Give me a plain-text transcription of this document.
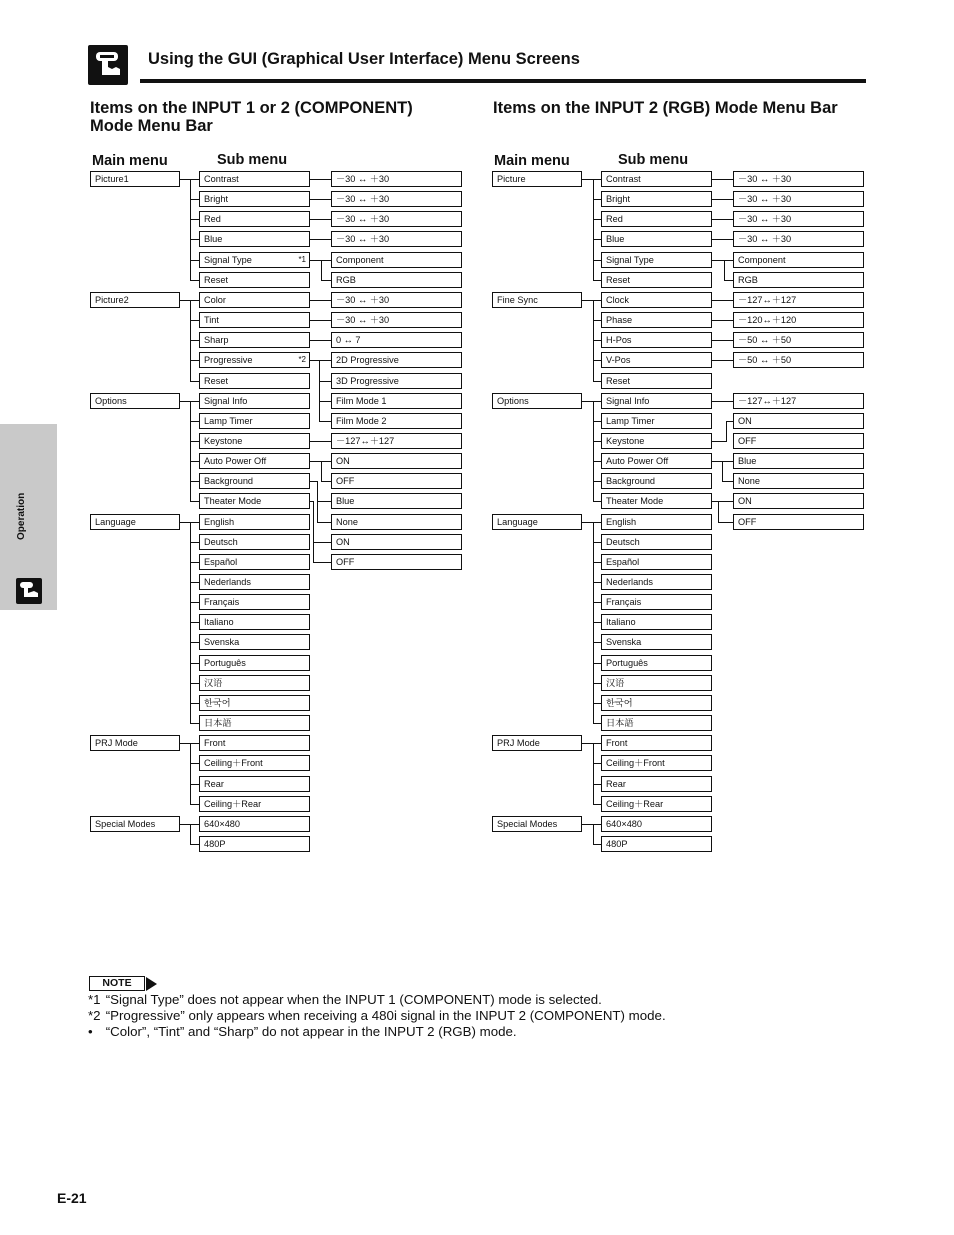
Using the GUI (Graphical User Interface) Menu Screens
Items on the INPUT 1 or 2 (COMPONENT)
Mode Menu Bar
Main menu	Sub menu
Items on the INPUT 2 (RGB) Mode Menu Bar
Main menu	Sub menu
Picture1
Picture2
Options
Language
PRJ Mode
Special Modes
Contrast
Bright
Red
Blue
Signal Type	*1
Reset
Color
Tint
Sharp
Progressive	*2
Reset
Signal Info
Lamp Timer
Keystone
Auto Power Off
Background
Theater Mode
English
Deutsch
Español
Nederlands
Français
Italiano
Svenska
Português
汉语
한국어
日本語
Front
Ceiling＋Front
Rear
Ceiling＋Rear
640×480
480P
－30 ↔ ＋30
－30 ↔ ＋30
－30 ↔ ＋30
－30 ↔ ＋30
Component
RGB
－30 ↔ ＋30
－30 ↔ ＋30
0 ↔ 7
2D Progressive
3D Progressive
Film Mode 1
Film Mode 2
－127↔＋127
ON
OFF
Blue
None
ON
OFF
Picture
Fine Sync
Options
Language
PRJ Mode
Special Modes
Contrast
Bright
Red
Blue
Signal Type
Reset
Clock
Phase
H-Pos
V-Pos
Reset
Signal Info
Lamp Timer
Keystone
Auto Power Off
Background
Theater Mode
English
Deutsch
Español
Nederlands
Français
Italiano
Svenska
Português
汉语
한국어
日本語
Front
Ceiling＋Front
Rear
Ceiling＋Rear
640×480
480P
－30 ↔ ＋30
－30 ↔ ＋30
－30 ↔ ＋30
－30 ↔ ＋30
Component
RGB
－127↔＋127
－120↔＋120
－50 ↔ ＋50
－50 ↔ ＋50
－127↔＋127
ON
OFF
Blue
None
ON
OFF
Operation
NOTE
*1 “Signal Type” does not appear when the INPUT 1 (COMPONENT) mode is selected.
*2 “Progressive” only appears when receiving a 480i signal in the INPUT 2 (COMPONENT) mode.
• “Color”, “Tint” and “Sharp” do not appear in the INPUT 2 (RGB) mode.
E-21
